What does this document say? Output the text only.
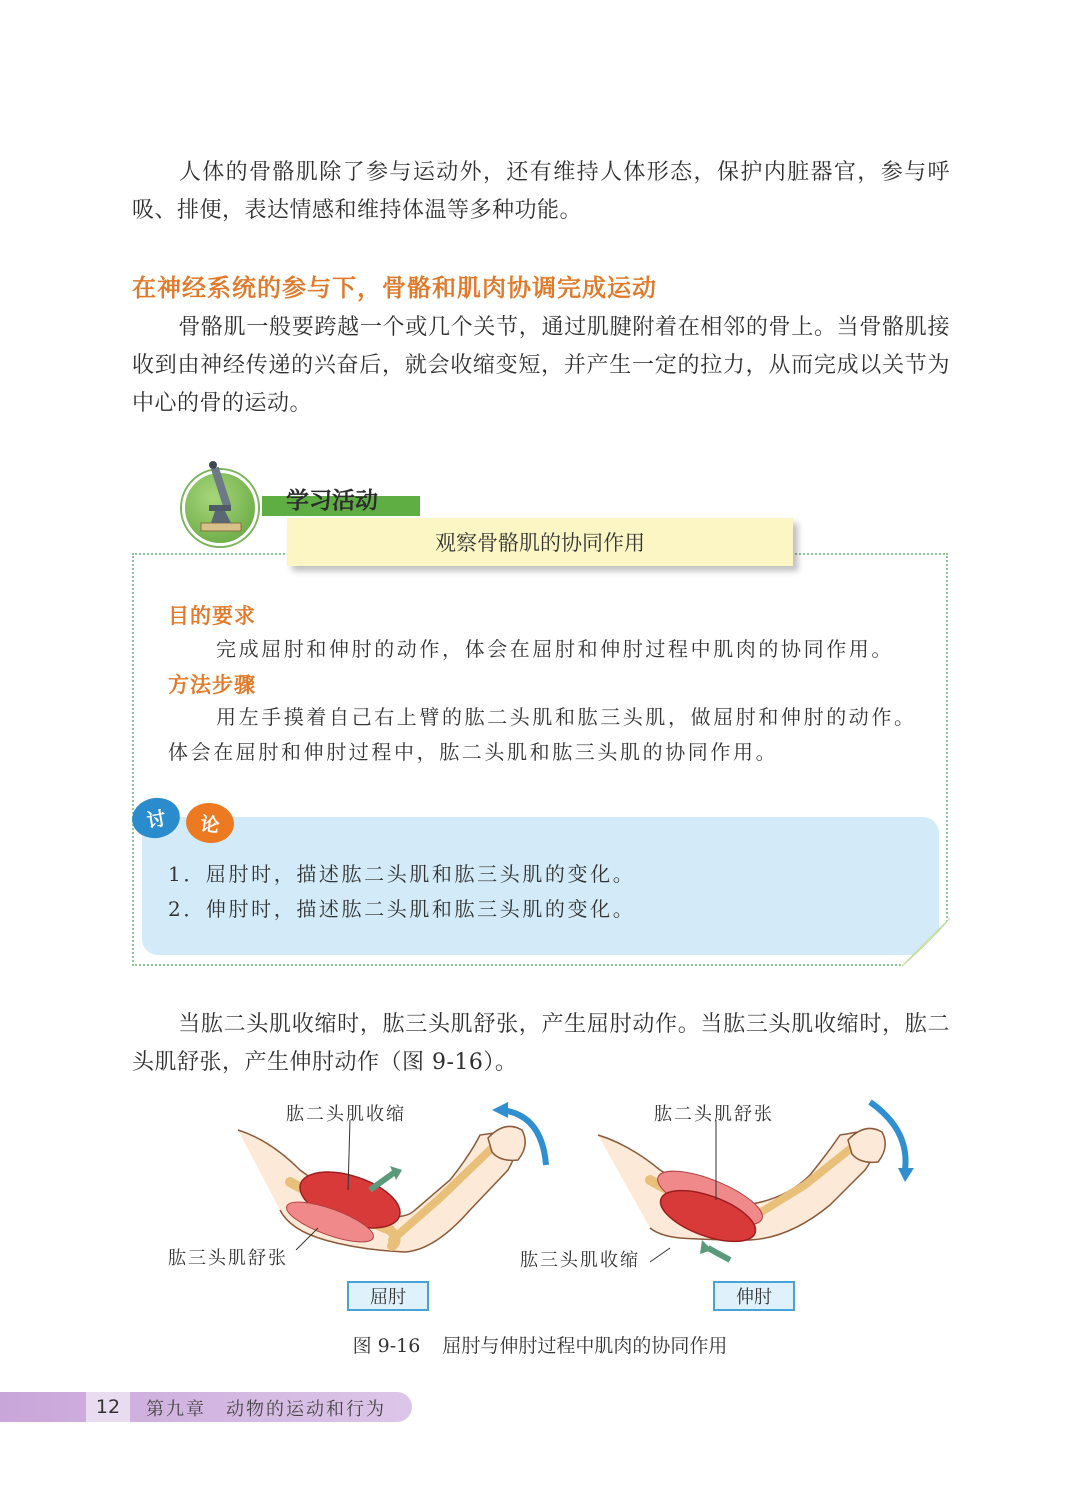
人体的骨骼肌除了参与运动外，还有维持人体形态，保护内脏器官，参与呼吸、排便，表达情感和维持体温等多种功能。

在神经系统的参与下，骨骼和肌肉协调完成运动

骨骼肌一般要跨越一个或几个关节，通过肌腱附着在相邻的骨上。当骨骼肌接收到由神经传递的兴奋后，就会收缩变短，并产生一定的拉力，从而完成以关节为中心的骨的运动。

学习活动
观察骨骼肌的协同作用
目的要求

完成屈肘和伸肘的动作，体会在屈肘和伸肘过程中肌肉的协同作用。

方法步骤

用左手摸着自己右上臂的肱二头肌和肱三头肌，做屈肘和伸肘的动作。体会在屈肘和伸肘过程中，肱二头肌和肱三头肌的协同作用。

讨	论
1．屈肘时，描述肱二头肌和肱三头肌的变化。
2．伸肘时，描述肱二头肌和肱三头肌的变化。

当肱二头肌收缩时，肱三头肌舒张，产生屈肘动作。当肱三头肌收缩时，肱二头肌舒张，产生伸肘动作（图 9-16）。

肱二头肌收缩
肱三头肌舒张
肱二头肌舒张
肱三头肌收缩
屈肘	伸肘
图 9-16 屈肘与伸肘过程中肌肉的协同作用
12	第九章　动物的运动和行为
